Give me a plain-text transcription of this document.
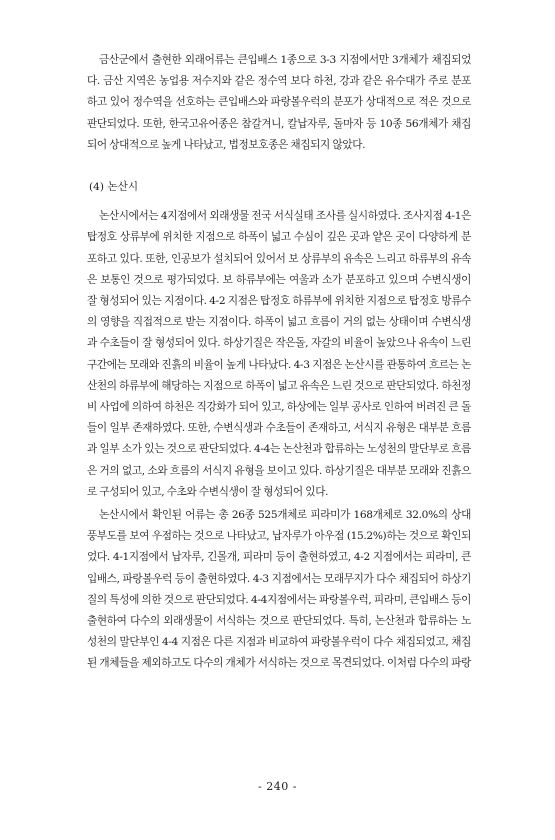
금산군에서 출현한 외래어류는 큰입배스 1종으로 3-3 지점에서만 3개체가 채집되었다. 금산 지역은 농업용 저수지와 같은 정수역 보다 하천, 강과 같은 유수대가 주로 분포하고 있어 정수역을 선호하는 큰입배스와 파랑볼우럭의 분포가 상대적으로 적은 것으로 판단되었다. 또한, 한국고유어종은 참갈겨니, 칼납자루, 돌마자 등 10종 56개체가 채집되어 상대적으로 높게 나타났고, 법정보호종은 채집되지 않았다.

(4) 논산시

논산시에서는 4지점에서 외래생물 전국 서식실태 조사를 실시하였다. 조사지점 4-1은 탑정호 상류부에 위치한 지점으로 하폭이 넓고 수심이 깊은 곳과 얕은 곳이 다양하게 분포하고 있다. 또한, 인공보가 설치되어 있어서 보 상류부의 유속은 느리고 하류부의 유속은 보통인 것으로 평가되었다. 보 하류부에는 여울과 소가 분포하고 있으며 수변식생이 잘 형성되어 있는 지점이다. 4-2 지점은 탑정호 하류부에 위치한 지점으로 탑정호 방류수의 영향을 직접적으로 받는 지점이다. 하폭이 넓고 흐름이 거의 없는 상태이며 수변식생과 수초들이 잘 형성되어 있다. 하상기질은 작은돌, 자갈의 비율이 높았으나 유속이 느린 구간에는 모래와 진흙의 비율이 높게 나타났다. 4-3 지점은 논산시를 관통하여 흐르는 논산천의 하류부에 해당하는 지점으로 하폭이 넓고 유속은 느린 것으로 판단되었다. 하천정비 사업에 의하여 하천은 직강화가 되어 있고, 하상에는 일부 공사로 인하여 버려진 큰 돌들이 일부 존재하였다. 또한, 수변식생과 수초들이 존재하고, 서식지 유형은 대부분 흐름과 일부 소가 있는 것으로 판단되었다. 4-4는 논산천과 합류하는 노성천의 말단부로 흐름은 거의 없고, 소와 흐름의 서식지 유형을 보이고 있다. 하상기질은 대부분 모래와 진흙으로 구성되어 있고, 수초와 수변식생이 잘 형성되어 있다.

논산시에서 확인된 어류는 총 26종 525개체로 피라미가 168개체로 32.0%의 상대풍부도를 보여 우점하는 것으로 나타났고, 납자루가 아우점 (15.2%)하는 것으로 확인되었다. 4-1지점에서 납자루, 긴몰개, 피라미 등이 출현하였고, 4-2 지점에서는 피라미, 큰입배스, 파랑볼우럭 등이 출현하였다. 4-3 지점에서는 모래무지가 다수 채집되어 하상기질의 특성에 의한 것으로 판단되었다. 4-4지점에서는 파랑볼우럭, 피라미, 큰입배스 등이 출현하여 다수의 외래생물이 서식하는 것으로 판단되었다. 특히, 논산천과 합류하는 노성천의 말단부인 4-4 지점은 다른 지점과 비교하여 파랑볼우럭이 다수 채집되었고, 채집된 개체들을 제외하고도 다수의 개체가 서식하는 것으로 목견되었다. 이처럼 다수의 파랑

- 240 -
